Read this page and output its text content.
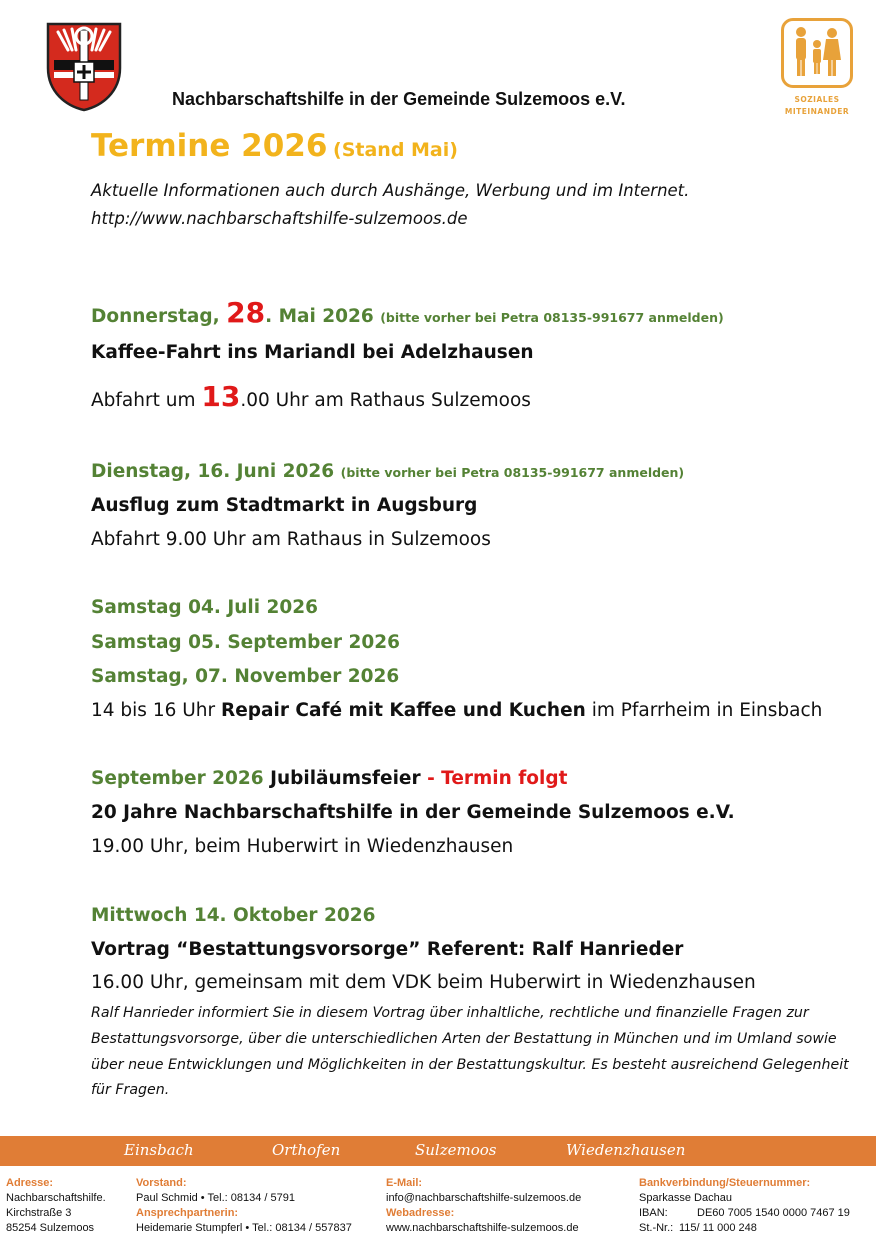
SOZIALES
MITEINANDER
Nachbarschaftshilfe in der Gemeinde Sulzemoos e.V.
Termine 2026 (Stand Mai)
Aktuelle Informationen auch durch Aushänge, Werbung und im Internet.
http://www.nachbarschaftshilfe-sulzemoos.de
Donnerstag, 28. Mai 2026 (bitte vorher bei Petra 08135-991677 anmelden)
Kaffee-Fahrt ins Mariandl bei Adelzhausen
Abfahrt um 13.00 Uhr am Rathaus Sulzemoos
Dienstag, 16. Juni 2026 (bitte vorher bei Petra 08135-991677 anmelden)
Ausflug zum Stadtmarkt in Augsburg
Abfahrt 9.00 Uhr am Rathaus in Sulzemoos
Samstag 04. Juli 2026
Samstag 05. September 2026
Samstag, 07. November 2026
14 bis 16 Uhr Repair Café mit Kaffee und Kuchen im Pfarrheim in Einsbach
September 2026 Jubiläumsfeier - Termin folgt
20 Jahre Nachbarschaftshilfe in der Gemeinde Sulzemoos e.V.
19.00 Uhr, beim Huberwirt in Wiedenzhausen
Mittwoch 14. Oktober 2026
Vortrag “Bestattungsvorsorge” Referent: Ralf Hanrieder
16.00 Uhr, gemeinsam mit dem VDK beim Huberwirt in Wiedenzhausen
Ralf Hanrieder informiert Sie in diesem Vortrag über inhaltliche, rechtliche und finanzielle Fragen zur Bestattungsvorsorge, über die unterschiedlichen Arten der Bestattung in München und im Umland sowie über neue Entwicklungen und Möglichkeiten in der Bestattungskultur. Es besteht ausreichend Gelegenheit für Fragen.
Einsbach	Orthofen	Sulzemoos	Wiedenzhausen
Adresse:
Nachbarschaftshilfe.
Kirchstraße 3
85254 Sulzemoos
Vorstand:
Paul Schmid • Tel.: 08134 / 5791
Ansprechpartnerin:
Heidemarie Stumpferl • Tel.: 08134 / 557837
E-Mail:
info@nachbarschaftshilfe-sulzemoos.de
Webadresse:
www.nachbarschaftshilfe-sulzemoos.de
Bankverbindung/Steuernummer:
Sparkasse Dachau
IBAN:	DE60 7005 1540 0000 7467 19
St.-Nr.: 115/ 11 000 248
